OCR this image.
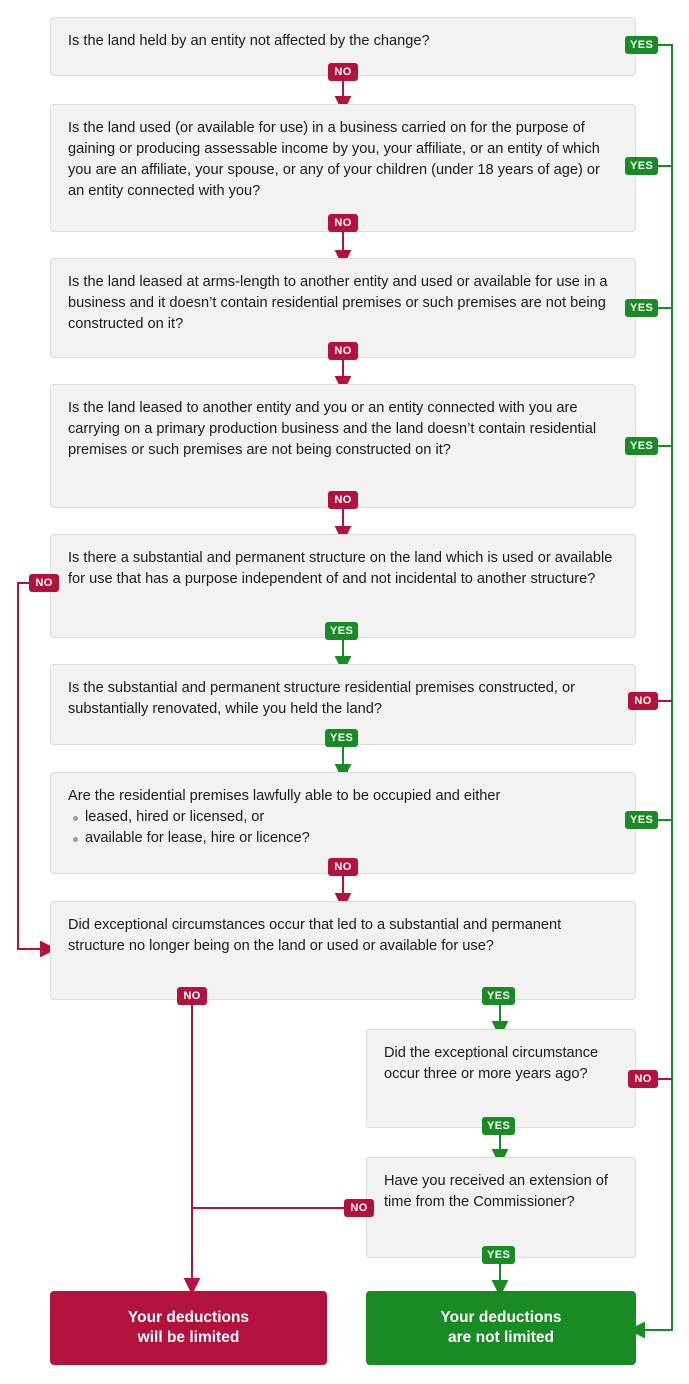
Is the land held by an entity not affected by the change?

NO
YES

Is the land used (or available for use) in a business carried on for the purpose of gaining or producing assessable income by you, your affiliate, or an entity of which you are an affiliate, your spouse, or any of your children (under 18 years of age) or an entity connected with you?

NO
YES

Is the land leased at arms-length to another entity and used or available for use in a business and it doesn’t contain residential premises or such premises are not being constructed on it?

NO
YES

Is the land leased to another entity and you or an entity connected with you are carrying on a primary production business and the land doesn’t contain residential premises or such premises are not being constructed on it?

NO
YES

Is there a substantial and permanent structure on the land which is used or available for use that has a purpose independent of and not incidental to another structure?

NO
YES

Is the substantial and permanent structure residential premises constructed, or substantially renovated, while you held the land?	NO
YES

Are the residential premises lawfully able to be occupied and either

leased, hired or licensed, or
available for lease, hire or licence?
NO
YES

Did exceptional circumstances occur that led to a substantial and permanent structure no longer being on the land or used or available for use?

NO	YES

Did the exceptional circumstance occur three or more years ago?	NO
YES

Have you received an extension of time from the Commissioner?

NO
YES
Your deductions
will be limited
Your deductions
are not limited
